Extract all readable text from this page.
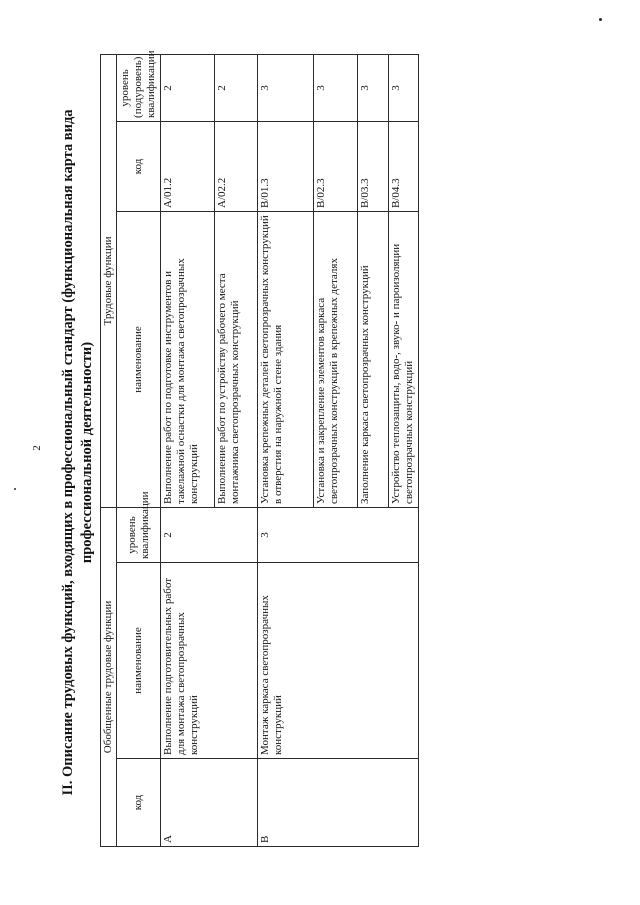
2 II. Описание трудовых функций, входящих в профессиональный стандарт (функциональная карта вида профессиональной деятельности)
Обобщенные трудовые функции			Трудовые функции		
код	наименование	уровень квалификации	наименование	код	уровень (подуровень) квалификации
A	Выполнение подготовительных работ для монтажа светопрозрачных конструкций	2	Выполнение работ по подготовке инструментов и такелажной оснастки для монтажа светопрозрачных конструкций	A/01.2	2
			Выполнение работ по устройству рабочего места монтажника светопрозрачных конструкций	A/02.2	2
B	Монтаж каркаса светопрозрачных конструкций	3	Установка крепежных деталей светопрозрачных конструкций в отверстия на наружной стене здания	B/01.3	3
			Установка и закрепление элементов каркаса светопрозрачных конструкций в крепежных деталях	B/02.3	3
			Заполнение каркаса светопрозрачных конструкций	B/03.3	3
			Устройство теплозащиты, водо-, звуко- и пароизоляции светопрозрачных конструкций	B/04.3	3
